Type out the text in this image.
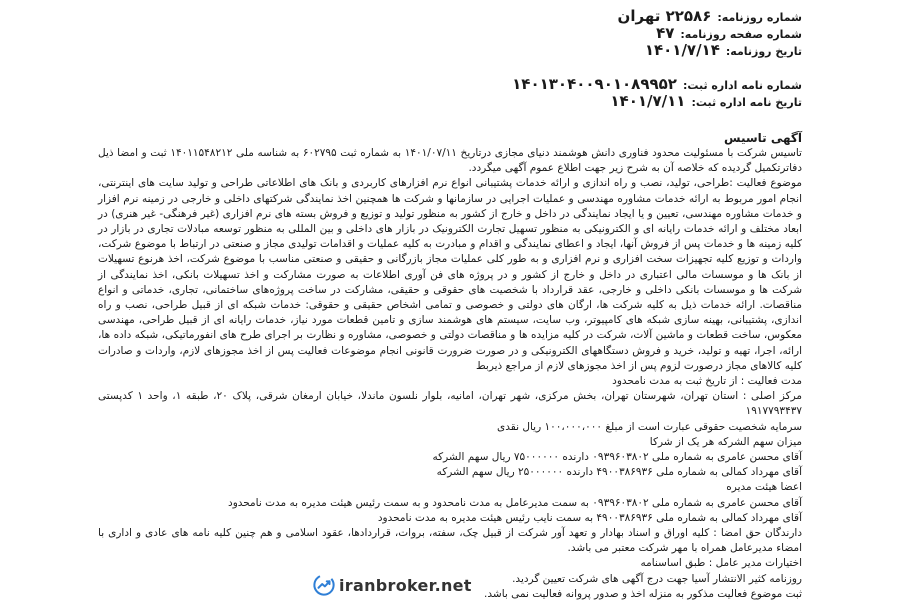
شماره روزنامه:
۲۲۵۸۶ تهران
شماره صفحه روزنامه:
۴۷
تاریخ روزنامه:
۱۴۰۱/۷/۱۴
شماره نامه اداره ثبت:
۱۴۰۱۳۰۴۰۰۹۰۱۰۸۹۹۵۲
تاریخ نامه اداره ثبت:
۱۴۰۱/۷/۱۱
آگهی تاسیس

تاسیس شرکت با مسئولیت محدود فناوری دانش هوشمند دنیای مجازی درتاریخ ۱۴۰۱/۰۷/۱۱ به شماره ثبت ۶۰۲۷۹۵ به شناسه ملی ۱۴۰۱۱۵۴۸۲۱۲ ثبت و امضا ذیل دفاترتکمیل گردیده که خلاصه آن به شرح زیر جهت اطلاع عموم آگهی میگردد.

موضوع فعالیت :طراحی، تولید، نصب و راه اندازی و ارائه خدمات پشتیبانی انواع نرم افزارهای کاربردی و بانک های اطلاعاتی طراحی و تولید سایت های اینترنتی، انجام امور مربوط به ارائه خدمات مشاوره مهندسی و عملیات اجرایی در سازمانها و شرکت ها همچنین اخذ نمایندگی شرکتهای داخلی و خارجی در زمینه نرم افزار و خدمات مشاوره مهندسی، تعیین و یا ایجاد نمایندگی در داخل و خارج از کشور به منظور تولید و توزیع و فروش بسته های نرم افزاری (غیر فرهنگی- غیر هنری) در ابعاد مختلف و ارائه خدمات رایانه ای و الکترونیکی به منظور تسهیل تجارت الکترونیک در بازار های داخلی و بین المللی به منظور توسعه مبادلات تجاری در بازار در کلیه زمینه ها و خدمات پس از فروش آنها، ایجاد و اعطای نمایندگی و اقدام و مبادرت به کلیه عملیات و اقدامات تولیدی مجاز و صنعتی در ارتباط با موضوع شرکت، واردات و توزیع کلیه تجهیزات سخت افزاری و نرم افزاری و به طور کلی عملیات مجاز بازرگانی و حقیقی و صنعتی مناسب با موضوع شرکت، اخذ هرنوع تسهیلات از بانک ها و موسسات مالی اعتباری در داخل و خارج از کشور و در پروژه های فن آوری اطلاعات به صورت مشارکت و اخذ تسهیلات بانکی، اخذ نمایندگی از شرکت ها و موسسات بانکی داخلی و خارجی، عقد قرارداد با شخصیت های حقوقی و حقیقی، مشارکت در ساخت پروژه‌های ساختمانی، تجاری، خدماتی و انواع مناقصات. ارائه خدمات ذیل به کلیه شرکت ها، ارگان های دولتی و خصوصی و تمامی اشخاص حقیقی و حقوقی: خدمات شبکه ای از قبیل طراحی، نصب و راه اندازی، پشتیبانی، بهینه سازی شبکه های کامپیوتر، وب سایت، سیستم های هوشمند سازی و تامین قطعات مورد نیاز، خدمات رایانه ای از قبیل طراحی، مهندسی معکوس، ساخت قطعات و ماشین آلات، شرکت در کلیه مزایده ها و مناقصات دولتی و خصوصی، مشاوره و نظارت بر اجرای طرح های انفورماتیکی، شبکه داده ها، ارائه، اجرا، تهیه و تولید، خرید و فروش دستگاههای الکترونیکی و در صورت ضرورت قانونی انجام موضوعات فعالیت پس از اخذ مجوزهای لازم، واردات و صادرات کلیه کالاهای مجاز درصورت لزوم پس از اخذ مجوزهای لازم از مراجع ذیربط

مدت فعالیت : از تاریخ ثبت به مدت نامحدود

مرکز اصلی : استان تهران، شهرستان تهران، بخش مرکزی، شهر تهران، امانیه، بلوار نلسون ماندلا، خیابان ارمغان شرقی، پلاک ۲۰، طبقه ۱، واحد ۱ کدپستی ۱۹۱۷۷۹۳۴۳۷

سرمایه شخصیت حقوقی عبارت است از مبلغ ۱۰۰،۰۰۰،۰۰۰ ریال نقدی

میزان سهم الشرکه هر یک از شرکا

آقای محسن عامری به شماره ملی ۰۹۳۹۶۰۳۸۰۲ دارنده ۷۵۰۰۰۰۰۰ ریال سهم الشرکه

آقای مهرداد کمالی به شماره ملی ۴۹۰۰۳۸۶۹۳۶ دارنده ۲۵۰۰۰۰۰۰ ریال سهم الشرکه

اعضا هیئت مدیره

آقای محسن عامری به شماره ملی ۰۹۳۹۶۰۳۸۰۲ به سمت مدیرعامل به مدت نامحدود و به سمت رئیس هیئت مدیره به مدت نامحدود

آقای مهرداد کمالی به شماره ملی ۴۹۰۰۳۸۶۹۳۶ به سمت نایب رئیس هیئت مدیره به مدت نامحدود

دارندگان حق امضا : کلیه اوراق و اسناد بهادار و تعهد آور شرکت از قبیل چک، سفته، بروات، قراردادها، عقود اسلامی و هم چنین کلیه نامه های عادی و اداری با امضاء مدیرعامل همراه با مهر شرکت معتبر می باشد.

اختیارات مدیر عامل : طبق اساسنامه

روزنامه کثیر الانتشار آسیا جهت درج آگهی های شرکت تعیین گردید.

ثبت موضوع فعالیت مذکور به منزله اخذ و صدور پروانه فعالیت نمی باشد.

iranbroker.net
